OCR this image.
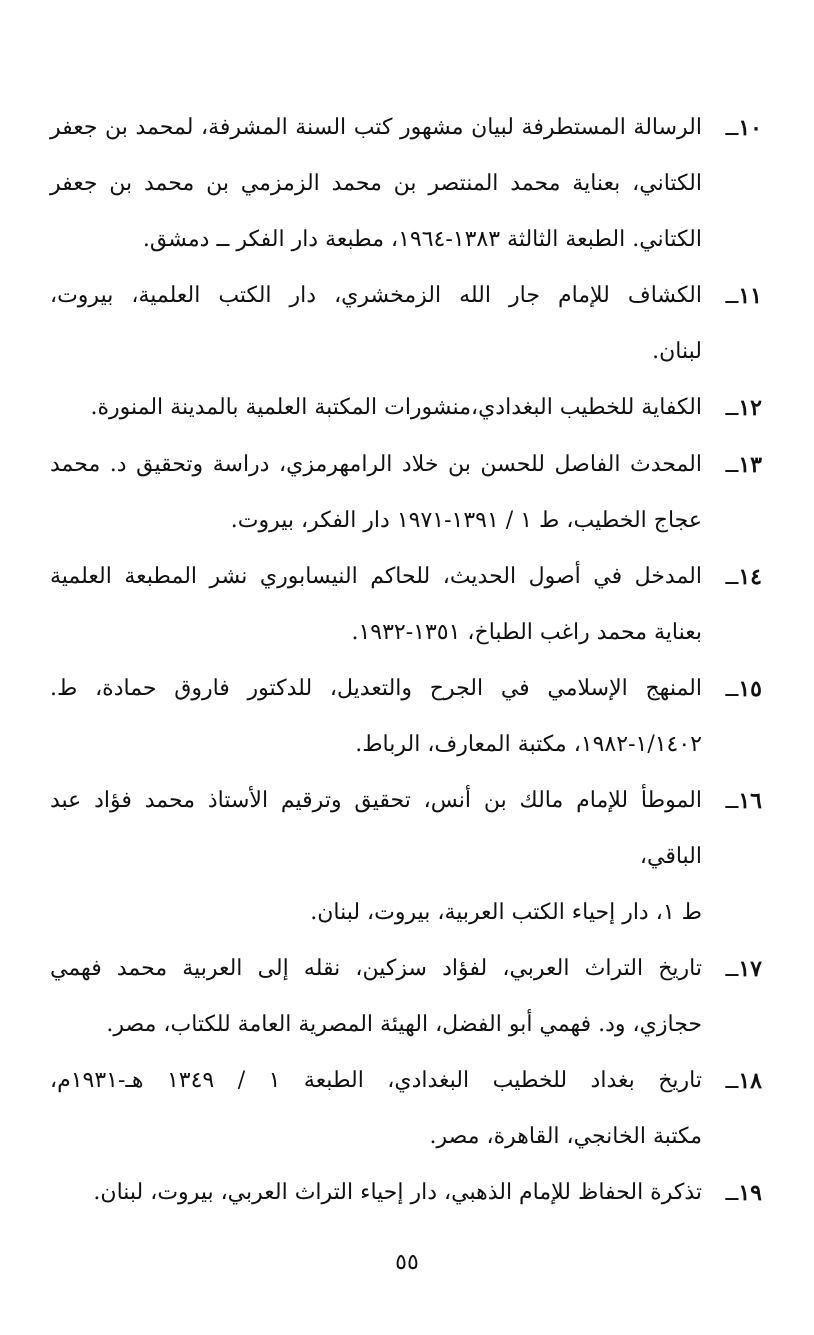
١٠ ــ
الرسالة المستطرفة لبيان مشهور كتب السنة المشرفة، لمحمد بن جعفر
الكتاني، بعناية محمد المنتصر بن محمد الزمزمي بن محمد بن جعفر
الكتاني. الطبعة الثالثة ١٣٨٣-١٩٦٤، مطبعة دار الفكر ــ دمشق.
١١ ــ
الكشاف للإمام جار الله الزمخشري، دار الكتب العلمية، بيروت،
لبنان.
١٢ ــ
الكفاية للخطيب البغدادي،منشورات المكتبة العلمية بالمدينة المنورة.
١٣ ــ
المحدث الفاصل للحسن بن خلاد الرامهرمزي، دراسة وتحقيق د. محمد
عجاج الخطيب، ط ١ / ١٣٩١-١٩٧١ دار الفكر، بيروت.
١٤ ــ
المدخل في أصول الحديث، للحاكم النيسابوري نشر المطبعة العلمية
بعناية محمد راغب الطباخ، ١٣٥١-١٩٣٢.
١٥ ــ
المنهج الإسلامي في الجرح والتعديل، للدكتور فاروق حمادة، ط.
١/١٤٠٢-١٩٨٢، مكتبة المعارف، الرباط.
١٦ ــ
الموطأ للإمام مالك بن أنس، تحقيق وترقيم الأستاذ محمد فؤاد عبد الباقي،
ط ١، دار إحياء الكتب العربية، بيروت، لبنان.
١٧ ــ
تاريخ التراث العربي، لفؤاد سزكين، نقله إلى العربية محمد فهمي
حجازي، ود. فهمي أبو الفضل، الهيئة المصرية العامة للكتاب، مصر.
١٨ ــ
تاريخ بغداد للخطيب البغدادي، الطبعة ١ / ١٣٤٩ هـ-١٩٣١م،
مكتبة الخانجي، القاهرة، مصر.
١٩ ــ
تذكرة الحفاظ للإمام الذهبي، دار إحياء التراث العربي، بيروت، لبنان.
٥٥
